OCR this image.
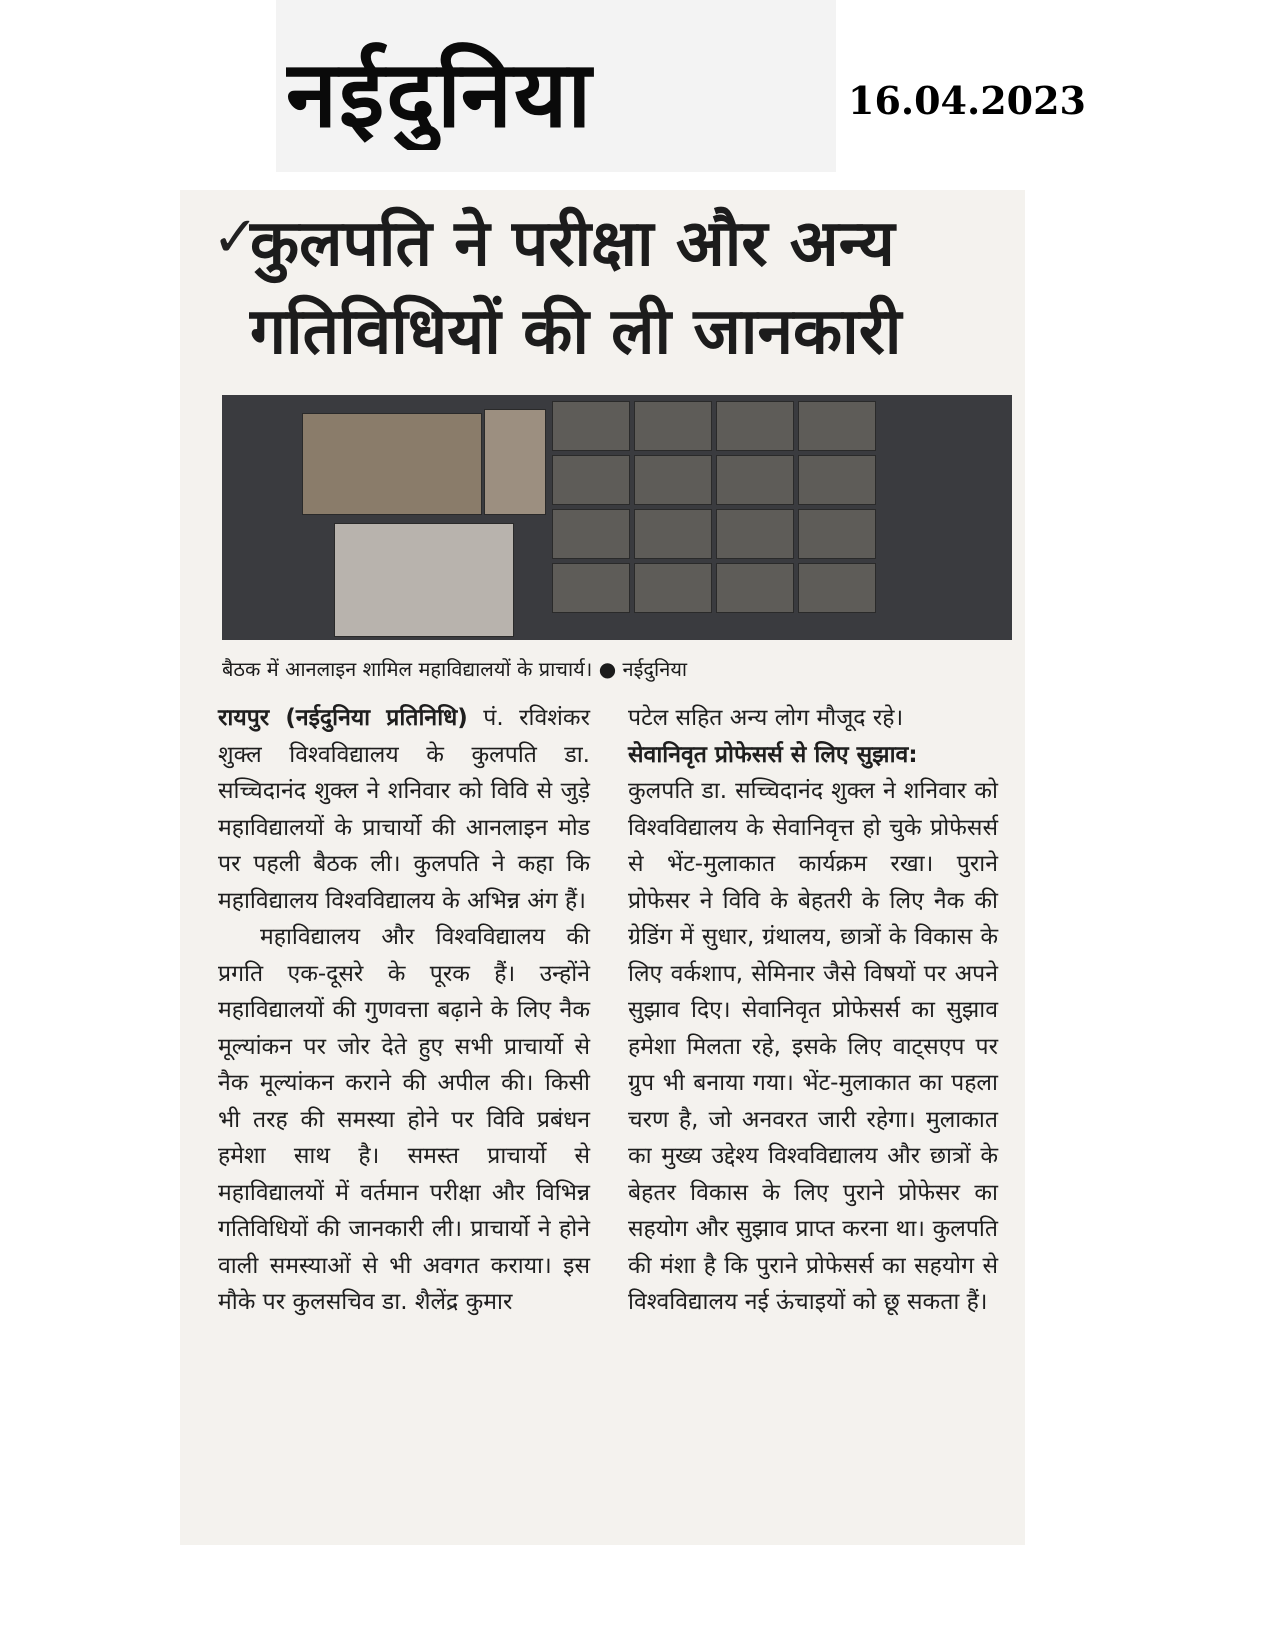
नईदुनिया	16.04.2023
✓
कुलपति ने परीक्षा और अन्य
गतिविधियों की ली जानकारी
बैठक में आनलाइन शामिल महाविद्यालयों के प्राचार्य। ● नईदुनिया

रायपुर (नईदुनिया प्रतिनिधि) पं. रविशंकर शुक्ल विश्वविद्यालय के कुलपति डा. सच्चिदानंद शुक्ल ने शनिवार को विवि से जुड़े महाविद्यालयों के प्राचार्यो की आनलाइन मोड पर पहली बैठक ली। कुलपति ने कहा कि महाविद्यालय विश्वविद्यालय के अभिन्न अंग हैं।

महाविद्यालय और विश्वविद्यालय की प्रगति एक-दूसरे के पूरक हैं। उन्होंने महाविद्यालयों की गुणवत्ता बढ़ाने के लिए नैक मूल्यांकन पर जोर देते हुए सभी प्राचार्यो से नैक मूल्यांकन कराने की अपील की। किसी भी तरह की समस्या होने पर विवि प्रबंधन हमेशा साथ है। समस्त प्राचार्यो से महाविद्यालयों में वर्तमान परीक्षा और विभिन्न गतिविधियों की जानकारी ली। प्राचार्यो ने होने वाली समस्याओं से भी अवगत कराया। इस मौके पर कुलसचिव डा. शैलेंद्र कुमार

पटेल सहित अन्य लोग मौजूद रहे।

सेवानिवृत प्रोफेसर्स से लिए सुझाव:

कुलपति डा. सच्चिदानंद शुक्ल ने शनिवार को विश्वविद्यालय के सेवानिवृत्त हो चुके प्रोफेसर्स से भेंट-मुलाकात कार्यक्रम रखा। पुराने प्रोफेसर ने विवि के बेहतरी के लिए नैक की ग्रेडिंग में सुधार, ग्रंथालय, छात्रों के विकास के लिए वर्कशाप, सेमिनार जैसे विषयों पर अपने सुझाव दिए। सेवानिवृत प्रोफेसर्स का सुझाव हमेशा मिलता रहे, इसके लिए वाट्सएप पर ग्रुप भी बनाया गया। भेंट-मुलाकात का पहला चरण है, जो अनवरत जारी रहेगा। मुलाकात का मुख्य उद्देश्य विश्वविद्यालय और छात्रों के बेहतर विकास के लिए पुराने प्रोफेसर का सहयोग और सुझाव प्राप्त करना था। कुलपति की मंशा है कि पुराने प्रोफेसर्स का सहयोग से विश्वविद्यालय नई ऊंचाइयों को छू सकता हैं।
